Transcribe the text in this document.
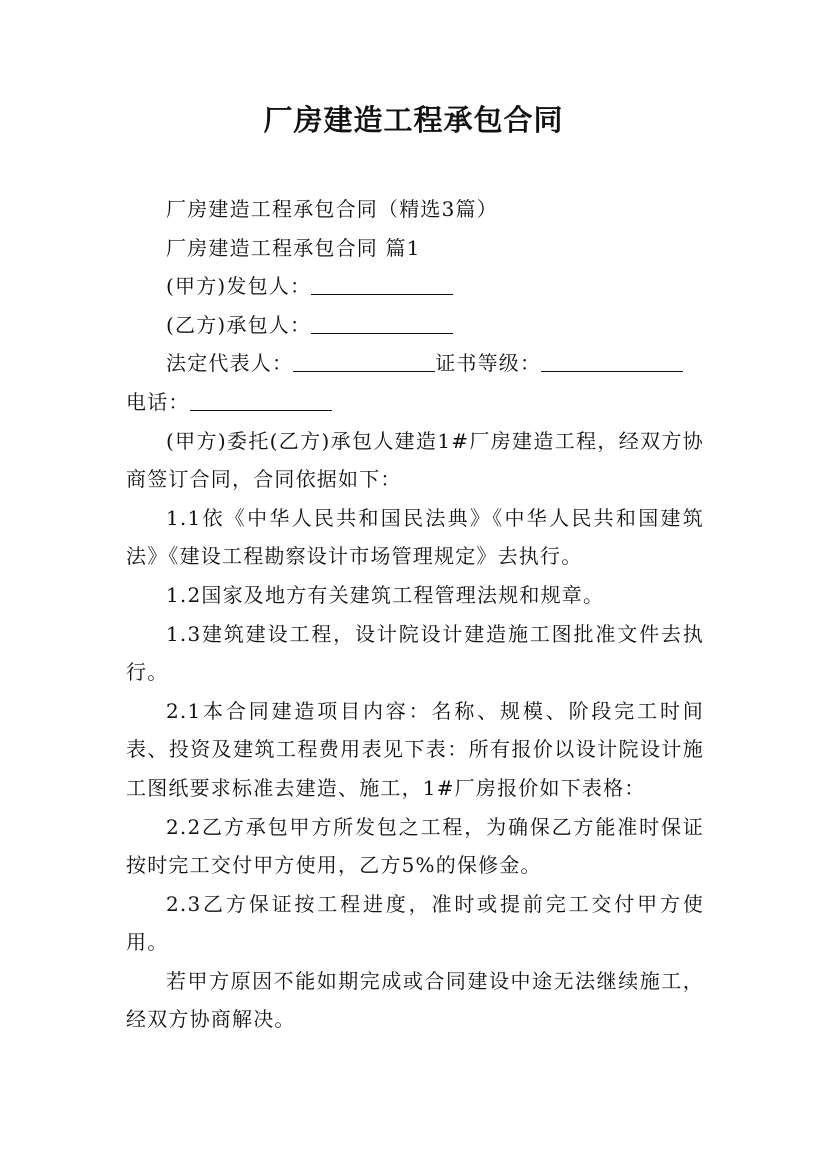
厂房建造工程承包合同

厂房建造工程承包合同（精选3篇）

厂房建造工程承包合同 篇1

(甲方)发包人：

(乙方)承包人：

法定代表人：	证书等级：

电话：

(甲方)委托(乙方)承包人建造1#厂房建造工程，经双方协商签订合同，合同依据如下：

1.1依《中华人民共和国民法典》《中华人民共和国建筑法》《建设工程勘察设计市场管理规定》去执行。

1.2国家及地方有关建筑工程管理法规和规章。

1.3建筑建设工程，设计院设计建造施工图批准文件去执行。

2.1本合同建造项目内容：名称、规模、阶段完工时间表、投资及建筑工程费用表见下表：所有报价以设计院设计施工图纸要求标准去建造、施工，1#厂房报价如下表格：

2.2乙方承包甲方所发包之工程，为确保乙方能准时保证按时完工交付甲方使用，乙方5%的保修金。

2.3乙方保证按工程进度，准时或提前完工交付甲方使用。

若甲方原因不能如期完成或合同建设中途无法继续施工，经双方协商解决。
